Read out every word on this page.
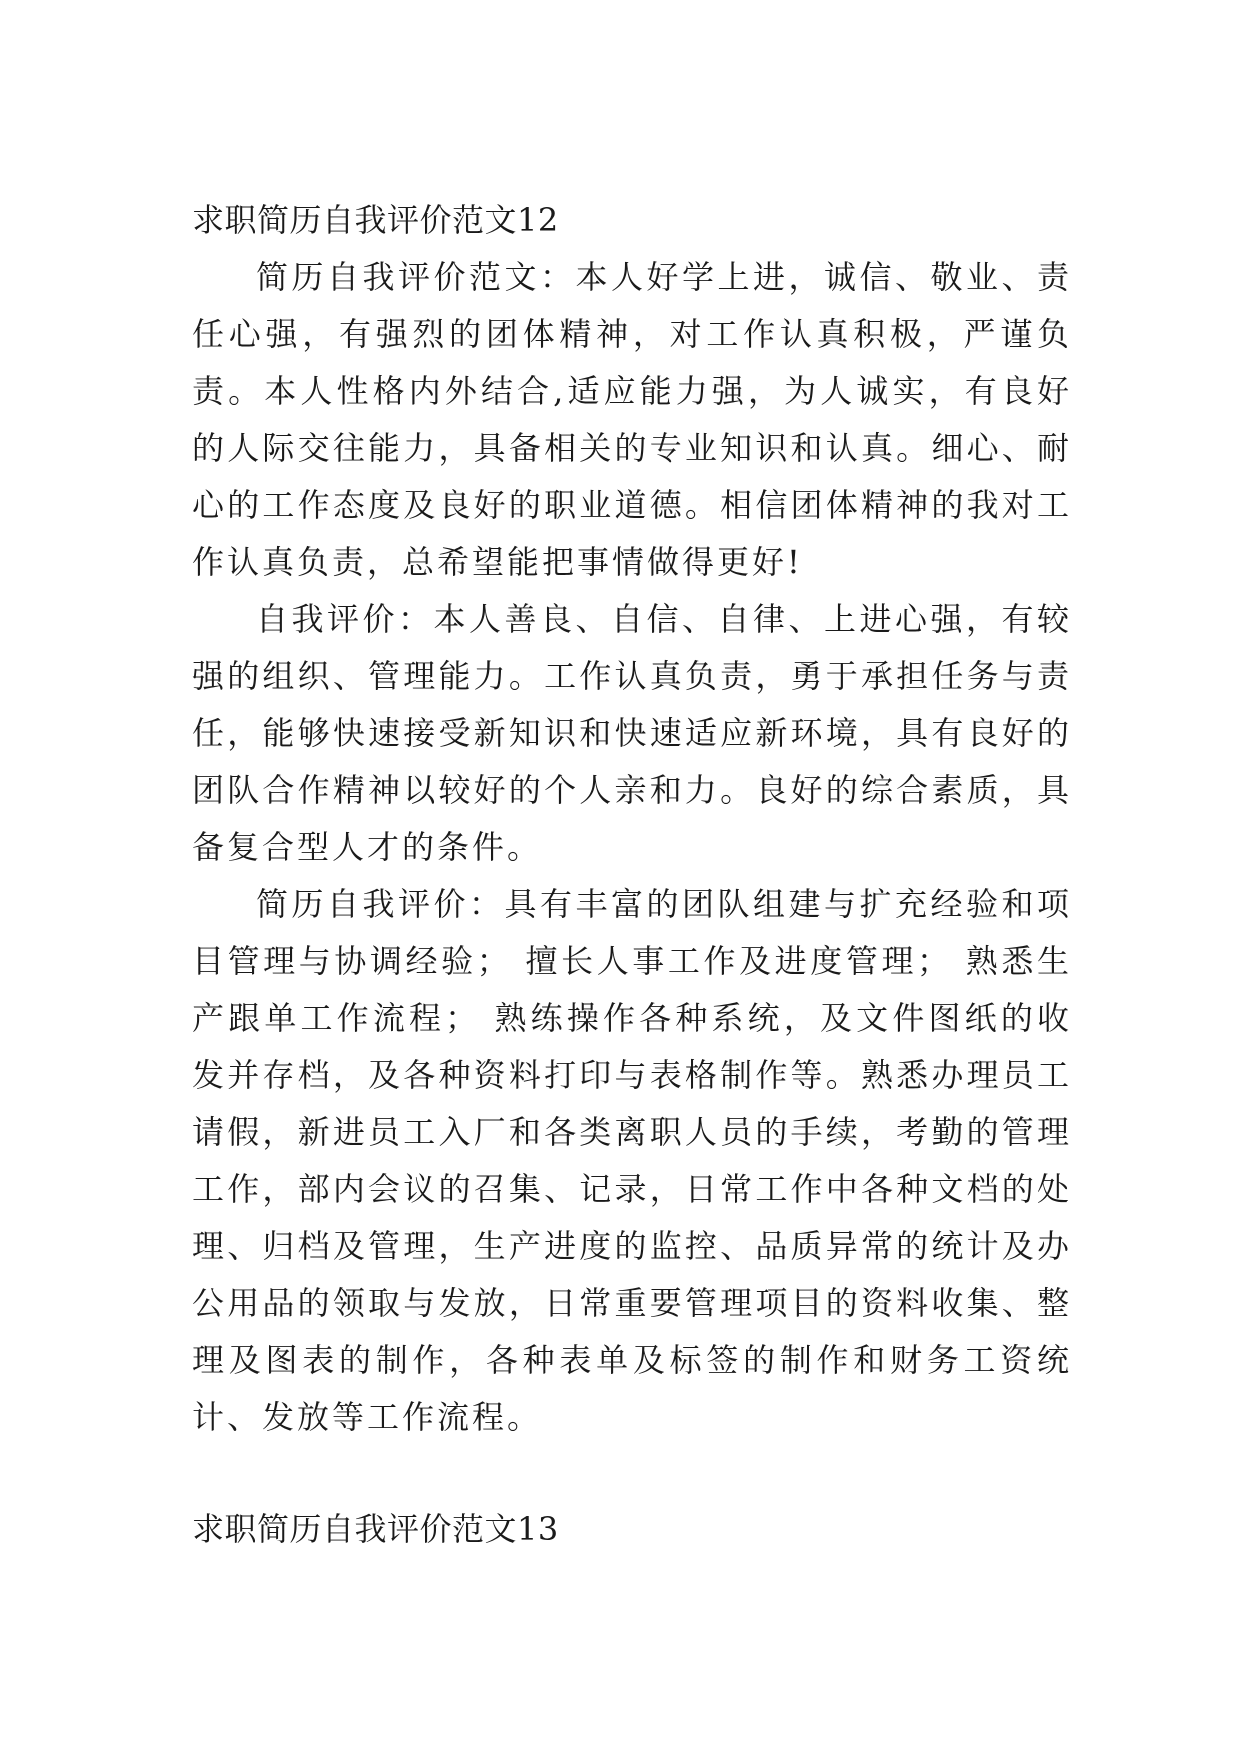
求职简历自我评价范文12

简历自我评价范文：本人好学上进，诚信、敬业、责任心强，有强烈的团体精神，对工作认真积极，严谨负责。本人性格内外结合,适应能力强，为人诚实，有良好的人际交往能力，具备相关的专业知识和认真。细心、耐心的工作态度及良好的职业道德。相信团体精神的我对工作认真负责，总希望能把事情做得更好!

自我评价：本人善良、自信、自律、上进心强，有较强的组织、管理能力。工作认真负责，勇于承担任务与责任，能够快速接受新知识和快速适应新环境，具有良好的团队合作精神以较好的个人亲和力。良好的综合素质，具备复合型人才的条件。

简历自我评价：具有丰富的团队组建与扩充经验和项目管理与协调经验； 擅长人事工作及进度管理； 熟悉生产跟单工作流程； 熟练操作各种系统，及文件图纸的收发并存档，及各种资料打印与表格制作等。熟悉办理员工请假，新进员工入厂和各类离职人员的手续，考勤的管理工作，部内会议的召集、记录，日常工作中各种文档的处理、归档及管理，生产进度的监控、品质异常的统计及办公用品的领取与发放，日常重要管理项目的资料收集、整理及图表的制作，各种表单及标签的制作和财务工资统计、发放等工作流程。

求职简历自我评价范文13
